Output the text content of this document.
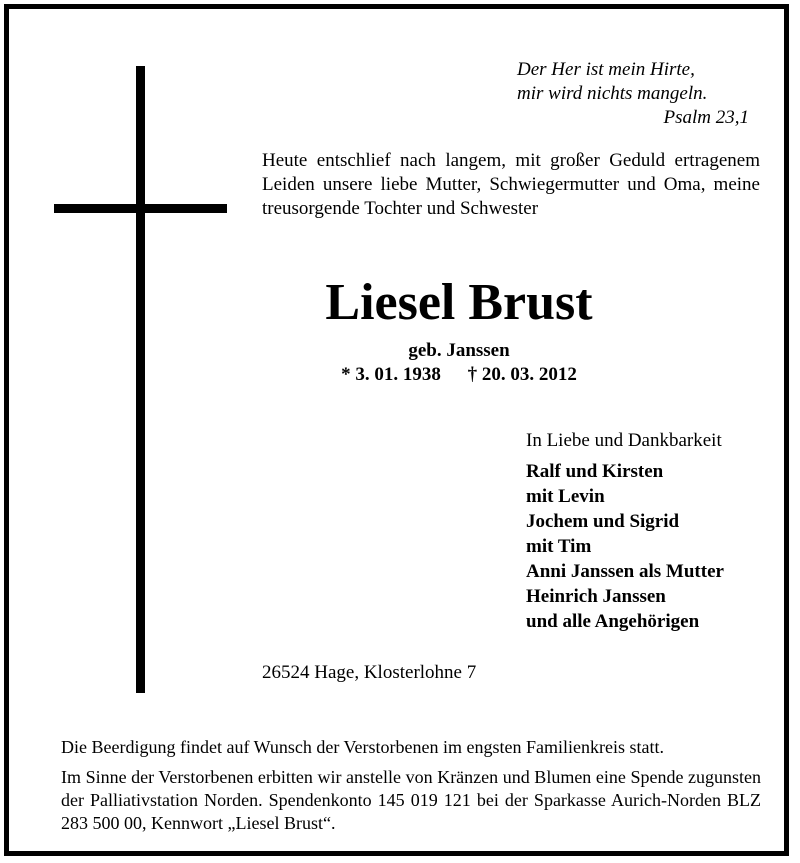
Der Her ist mein Hirte,
mir wird nichts mangeln.
Psalm 23,1
Heute entschlief nach langem, mit großer Geduld ertragenem Leiden unsere liebe Mutter, Schwiegermutter und Oma, meine treusorgende Tochter und Schwester
Liesel Brust
geb. Janssen
* 3. 01. 1938 † 20. 03. 2012
In Liebe und Dankbarkeit
Ralf und Kirsten
mit Levin
Jochem und Sigrid
mit Tim
Anni Janssen als Mutter
Heinrich Janssen
und alle Angehörigen
26524 Hage, Klosterlohne 7
Die Beerdigung findet auf Wunsch der Verstorbenen im engsten Familienkreis statt.
Im Sinne der Verstorbenen erbitten wir anstelle von Kränzen und Blumen eine Spende zugunsten der Palliativstation Norden. Spendenkonto 145 019 121 bei der Sparkasse Aurich-Norden BLZ 283 500 00, Kennwort „Liesel Brust“.
